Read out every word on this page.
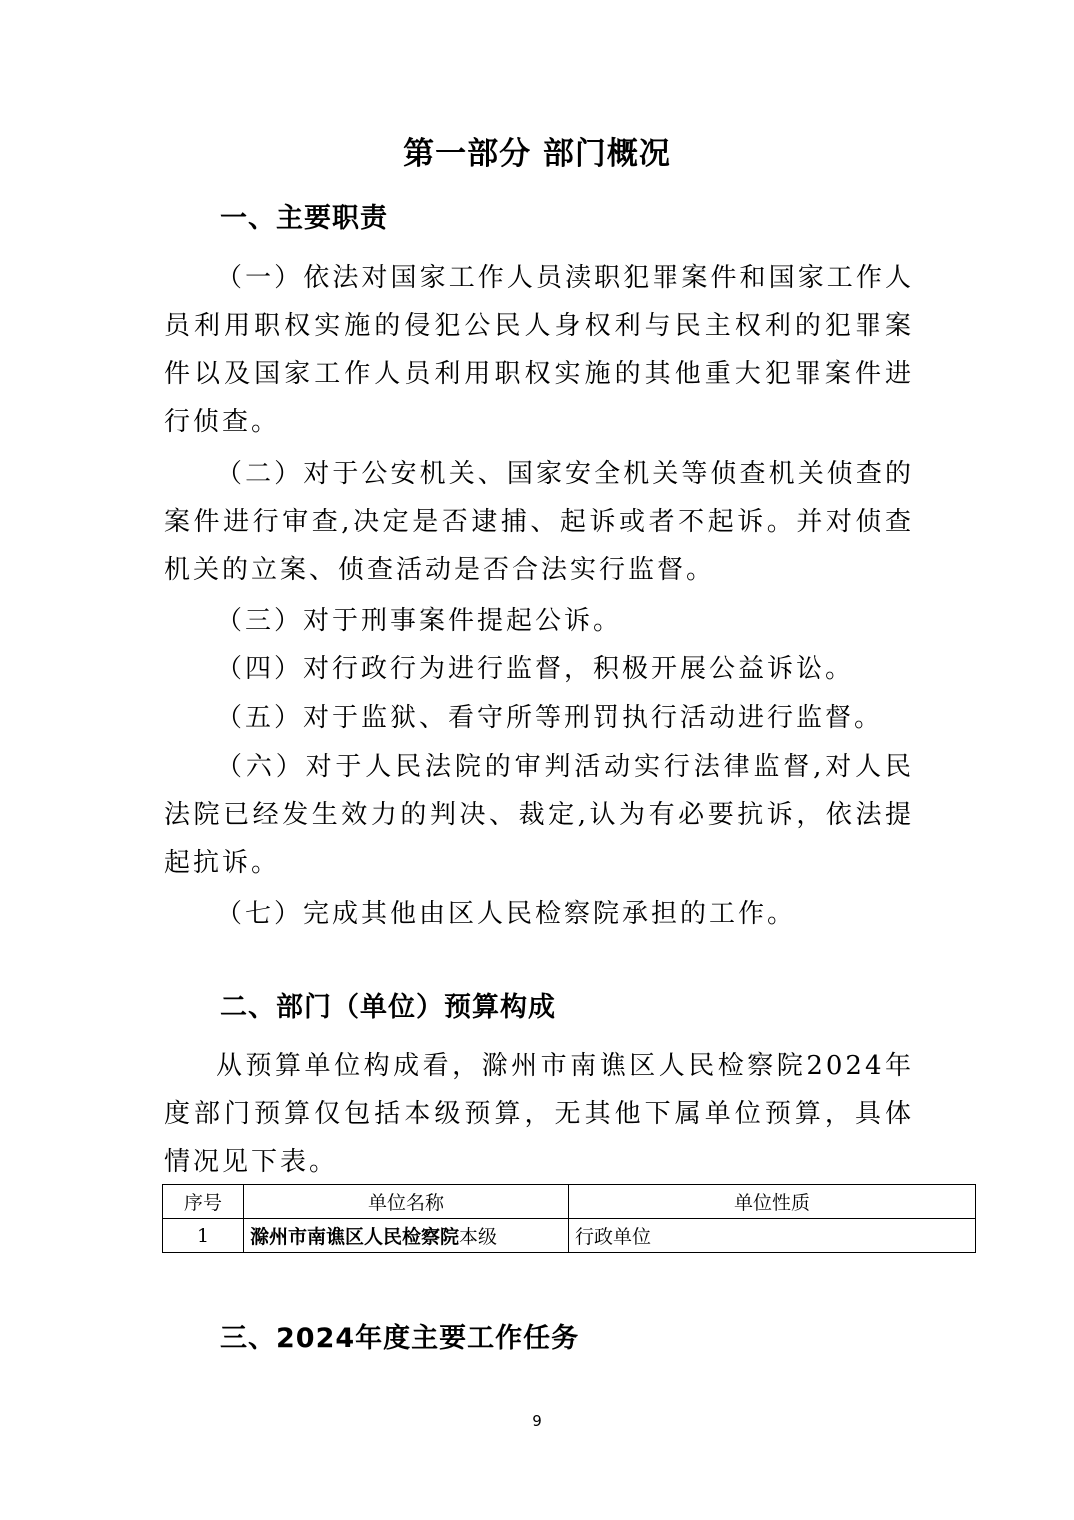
第一部分 部门概况
一、主要职责

（一）依法对国家工作人员渎职犯罪案件和国家工作人员利用职权实施的侵犯公民人身权利与民主权利的犯罪案件以及国家工作人员利用职权实施的其他重大犯罪案件进行侦查。

（二）对于公安机关、国家安全机关等侦查机关侦查的案件进行审查,决定是否逮捕、起诉或者不起诉。并对侦查机关的立案、侦查活动是否合法实行监督。

（三）对于刑事案件提起公诉。

（四）对行政行为进行监督，积极开展公益诉讼。

（五）对于监狱、看守所等刑罚执行活动进行监督。

（六）对于人民法院的审判活动实行法律监督,对人民法院已经发生效力的判决、裁定,认为有必要抗诉，依法提起抗诉。

（七）完成其他由区人民检察院承担的工作。

二、部门（单位）预算构成

从预算单位构成看，滁州市南谯区人民检察院2024年度部门预算仅包括本级预算，无其他下属单位预算，具体情况见下表。

序号	单位名称	单位性质
1	滁州市南谯区人民检察院本级	行政单位
三、2024年度主要工作任务
9
